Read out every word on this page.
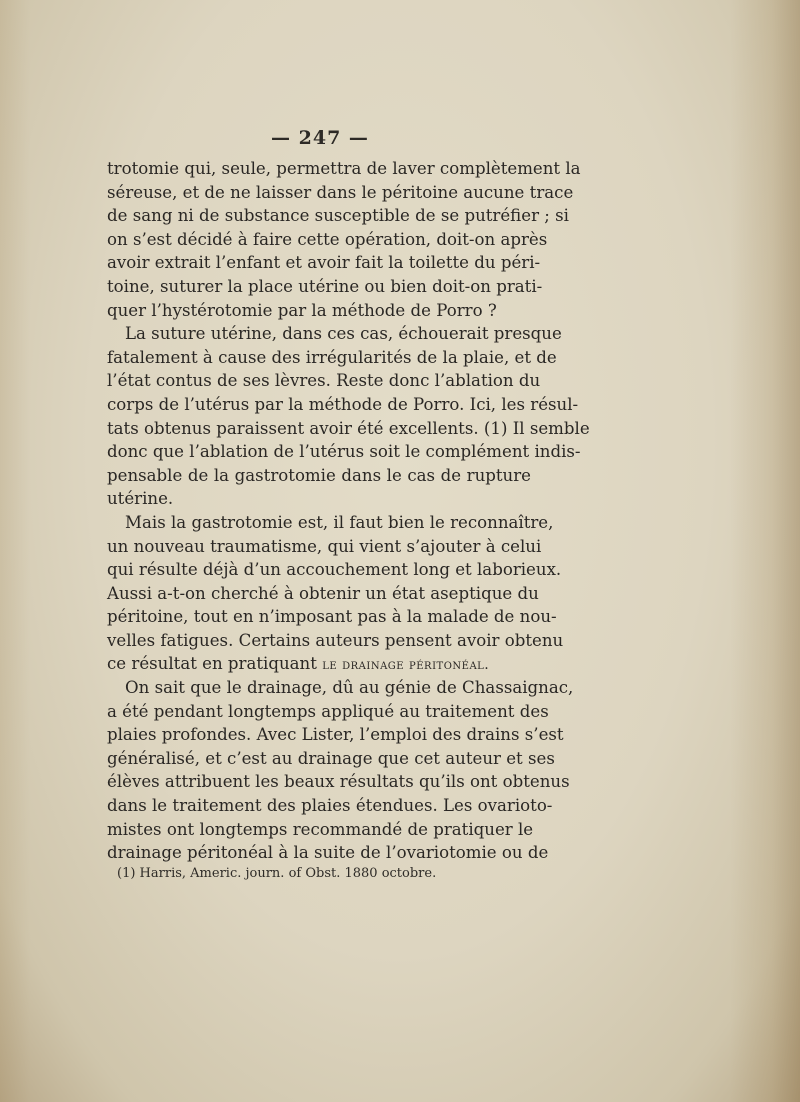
— 247 —
trotomie qui, seule, permettra de laver complètement la
séreuse, et de ne laisser dans le péritoine aucune trace
de sang ni de substance susceptible de se putréfier ; si
on s’est décidé à faire cette opération, doit-on après
avoir extrait l’enfant et avoir fait la toilette du péri-
toine, suturer la place utérine ou bien doit-on prati-
quer l’hystérotomie par la méthode de Porro ?
La suture utérine, dans ces cas, échouerait presque
fatalement à cause des irrégularités de la plaie, et de
l’état contus de ses lèvres. Reste donc l’ablation du
corps de l’utérus par la méthode de Porro. Ici, les résul-
tats obtenus paraissent avoir été excellents. (1) Il semble
donc que l’ablation de l’utérus soit le complément indis-
pensable de la gastrotomie dans le cas de rupture
utérine.
Mais la gastrotomie est, il faut bien le reconnaître,
un nouveau traumatisme, qui vient s’ajouter à celui
qui résulte déjà d’un accouchement long et laborieux.
Aussi a-t-on cherché à obtenir un état aseptique du
péritoine, tout en n’imposant pas à la malade de nou-
velles fatigues. Certains auteurs pensent avoir obtenu
ce résultat en pratiquant le drainage péritonéal.
On sait que le drainage, dû au génie de Chassaignac,
a été pendant longtemps appliqué au traitement des
plaies profondes. Avec Lister, l’emploi des drains s’est
généralisé, et c’est au drainage que cet auteur et ses
élèves attribuent les beaux résultats qu’ils ont obtenus
dans le traitement des plaies étendues. Les ovarioto-
mistes ont longtemps recommandé de pratiquer le
drainage péritonéal à la suite de l’ovariotomie ou de
(1) Harris, Americ. journ. of Obst. 1880 octobre.
